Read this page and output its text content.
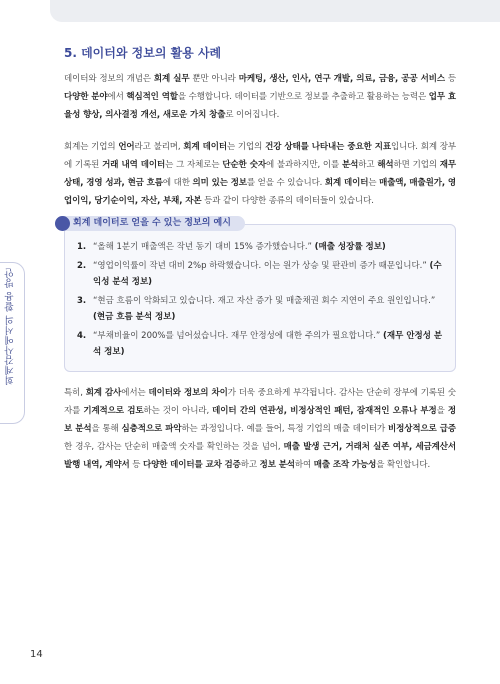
회계감사에서의 활용 방안
5. 데이터와 정보의 활용 사례

데이터와 정보의 개념은 회계 실무 뿐만 아니라 마케팅, 생산, 인사, 연구 개발, 의료, 금융, 공공 서비스 등 다양한 분야에서 핵심적인 역할을 수행합니다. 데이터를 기반으로 정보를 추출하고 활용하는 능력은 업무 효율성 향상, 의사결정 개선, 새로운 가치 창출로 이어집니다.

회계는 기업의 언어라고 불리며, 회계 데이터는 기업의 건강 상태를 나타내는 중요한 지표입니다. 회계 장부에 기록된 거래 내역 데이터는 그 자체로는 단순한 숫자에 불과하지만, 이를 분석하고 해석하면 기업의 재무 상태, 경영 성과, 현금 흐름에 대한 의미 있는 정보를 얻을 수 있습니다. 회계 데이터는 매출액, 매출원가, 영업이익, 당기순이익, 자산, 부채, 자본 등과 같이 다양한 종류의 데이터들이 있습니다.

회계 데이터로 얻을 수 있는 정보의 예시
1. “올해 1분기 매출액은 작년 동기 대비 15% 증가했습니다.” (매출 성장률 정보)
2. “영업이익률이 작년 대비 2%p 하락했습니다. 이는 원가 상승 및 판관비 증가 때문입니다.” (수익성 분석 정보)
3. “현금 흐름이 악화되고 있습니다. 재고 자산 증가 및 매출채권 회수 지연이 주요 원인입니다.” (현금 흐름 분석 정보)
4. “부채비율이 200%를 넘어섰습니다. 재무 안정성에 대한 주의가 필요합니다.” (재무 안정성 분석 정보)

특히, 회계 감사에서는 데이터와 정보의 차이가 더욱 중요하게 부각됩니다. 감사는 단순히 장부에 기록된 숫자를 기계적으로 검토하는 것이 아니라, 데이터 간의 연관성, 비정상적인 패턴, 잠재적인 오류나 부정을 정보 분석을 통해 심층적으로 파악하는 과정입니다. 예를 들어, 특정 기업의 매출 데이터가 비정상적으로 급증한 경우, 감사는 단순히 매출액 숫자를 확인하는 것을 넘어, 매출 발생 근거, 거래처 실존 여부, 세금계산서 발행 내역, 계약서 등 다양한 데이터를 교차 검증하고 정보 분석하여 매출 조작 가능성을 확인합니다.

14
